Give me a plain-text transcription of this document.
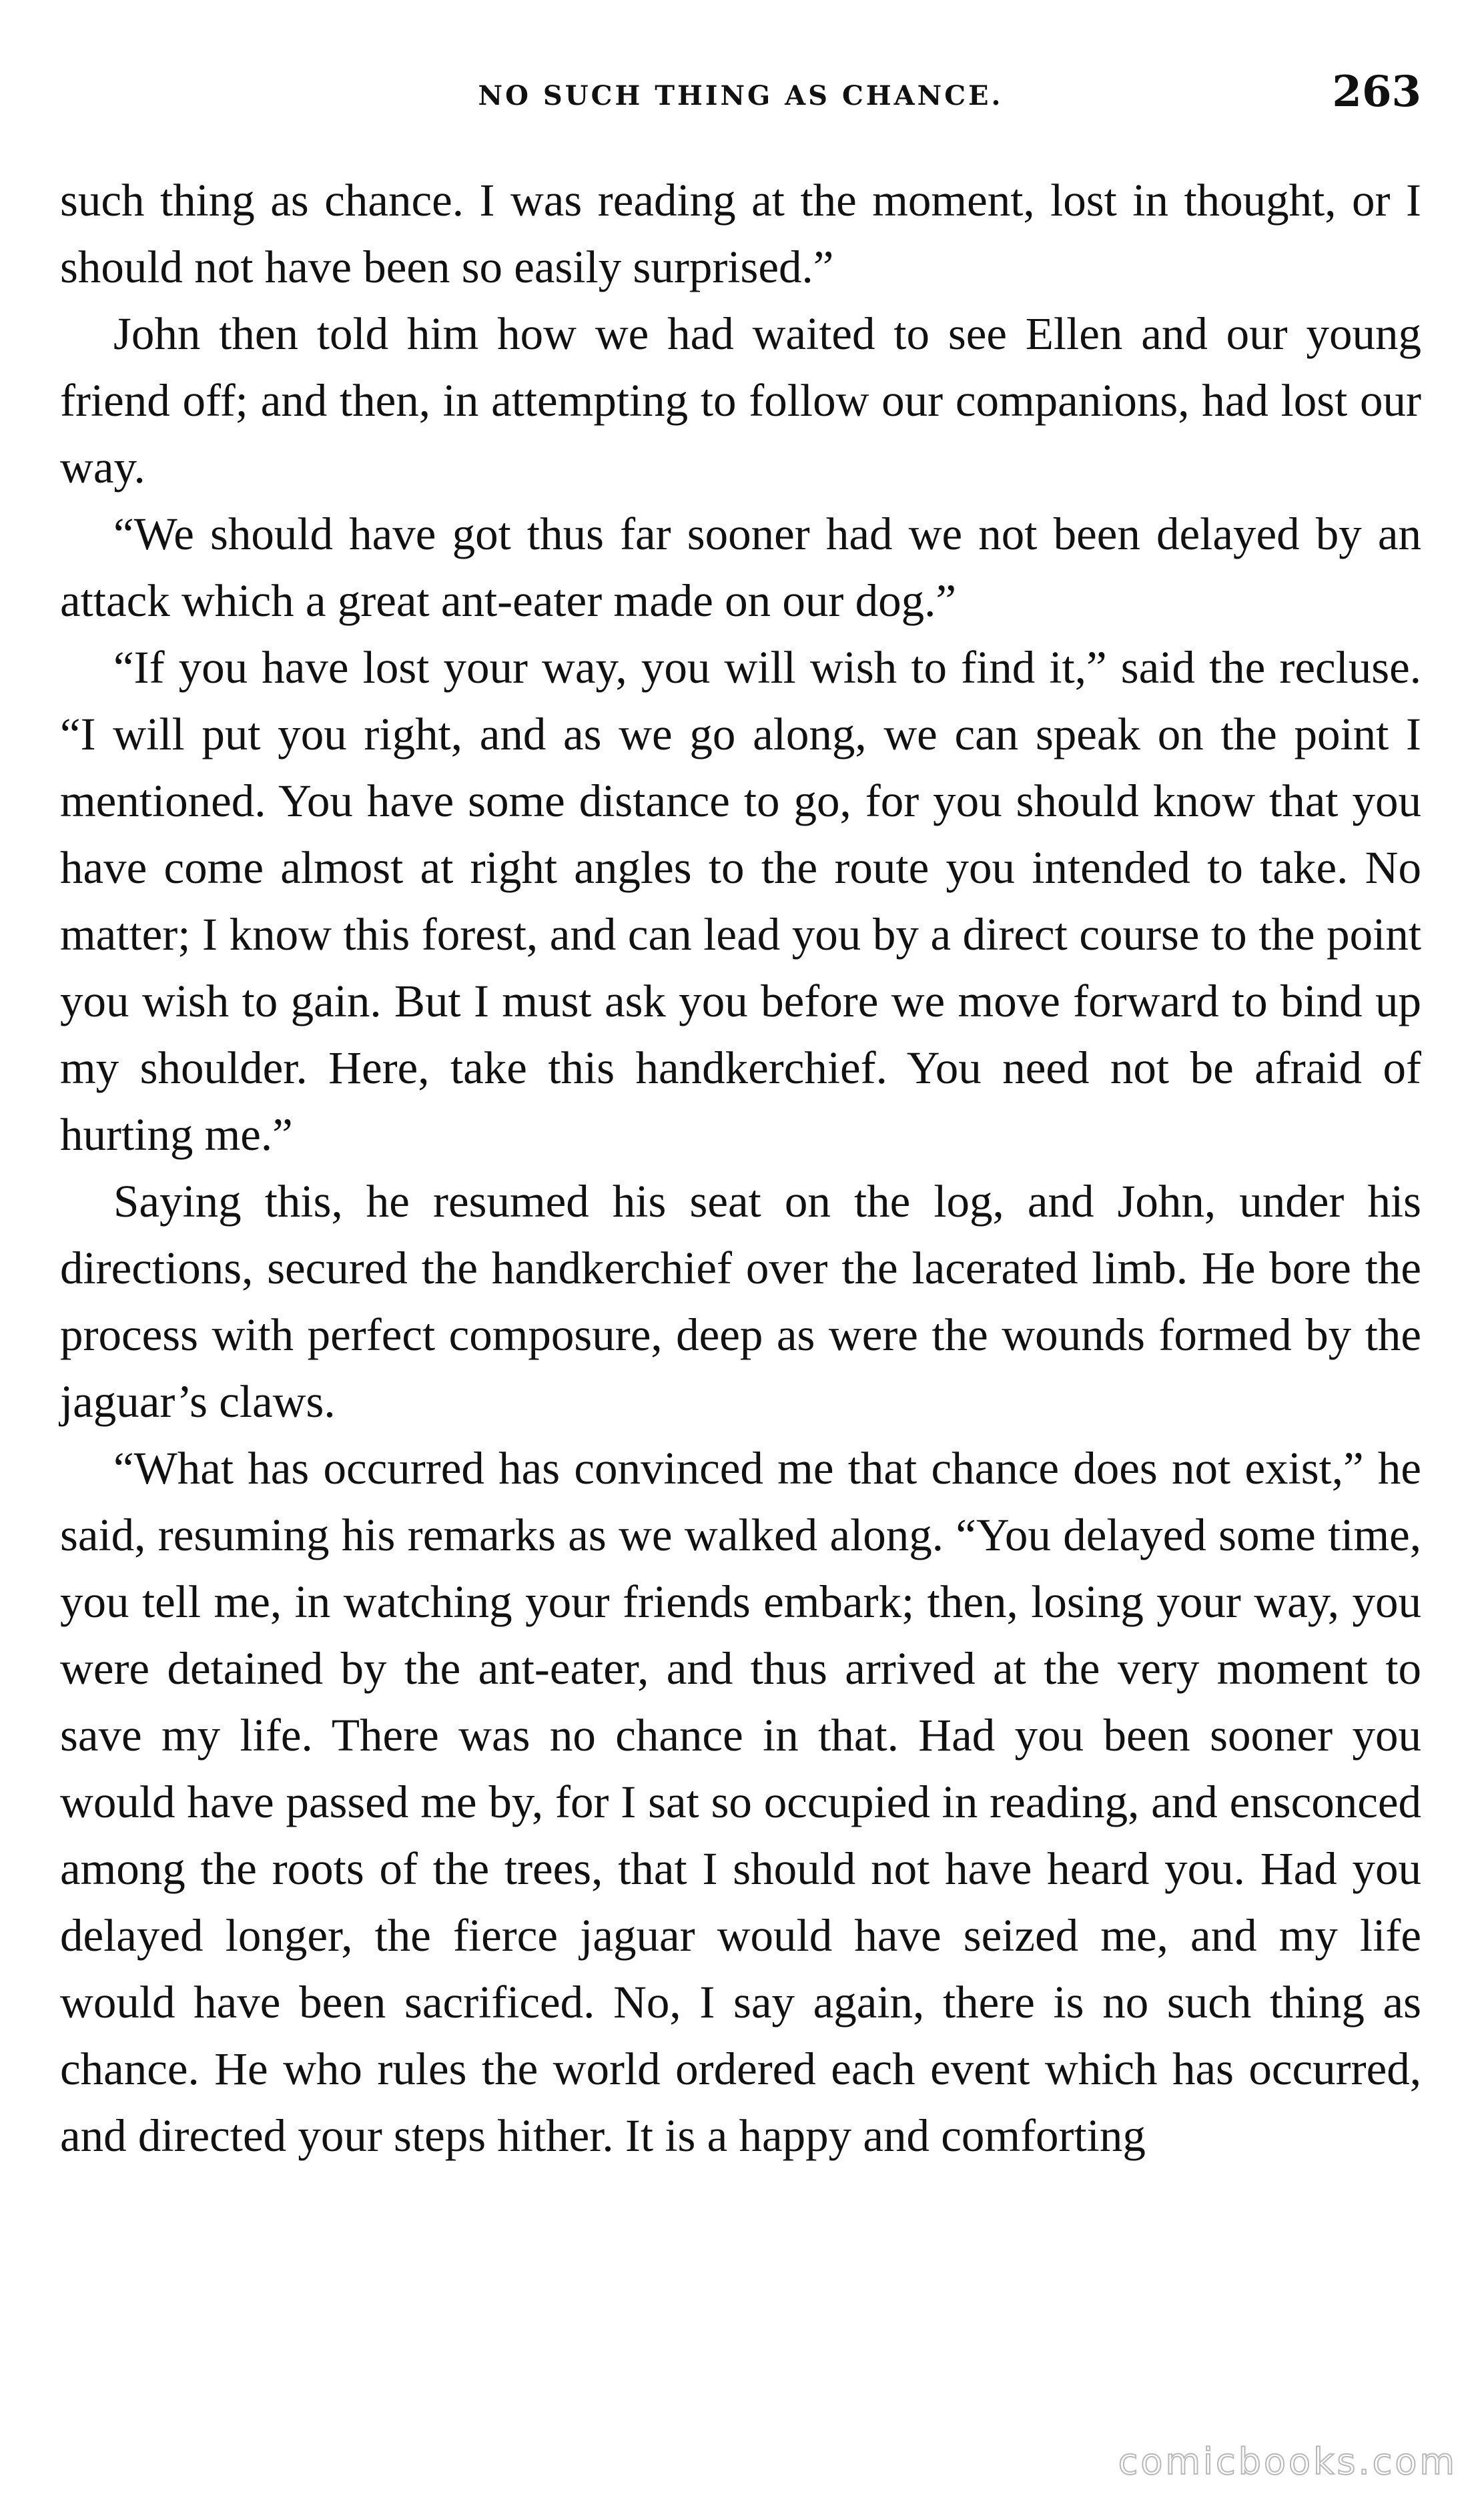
NO SUCH THING AS CHANCE.	263

such thing as chance. I was reading at the moment, lost in thought, or I should not have been so easily surprised.”

John then told him how we had waited to see Ellen and our young friend off; and then, in attempting to follow our companions, had lost our way.

“We should have got thus far sooner had we not been delayed by an attack which a great ant-eater made on our dog.”

“If you have lost your way, you will wish to find it,” said the recluse. “I will put you right, and as we go along, we can speak on the point I mentioned. You have some distance to go, for you should know that you have come almost at right angles to the route you intended to take. No matter; I know this forest, and can lead you by a direct course to the point you wish to gain. But I must ask you before we move forward to bind up my shoulder. Here, take this handkerchief. You need not be afraid of hurting me.”

Saying this, he resumed his seat on the log, and John, under his directions, secured the handkerchief over the lacerated limb. He bore the process with perfect composure, deep as were the wounds formed by the jaguar’s claws.

“What has occurred has convinced me that chance does not exist,” he said, resuming his remarks as we walked along. “You delayed some time, you tell me, in watching your friends embark; then, losing your way, you were detained by the ant-eater, and thus arrived at the very moment to save my life. There was no chance in that. Had you been sooner you would have passed me by, for I sat so occupied in reading, and ensconced among the roots of the trees, that I should not have heard you. Had you delayed longer, the fierce jaguar would have seized me, and my life would have been sacrificed. No, I say again, there is no such thing as chance. He who rules the world ordered each event which has occurred, and directed your steps hither. It is a happy and comforting

comicbooks.com
